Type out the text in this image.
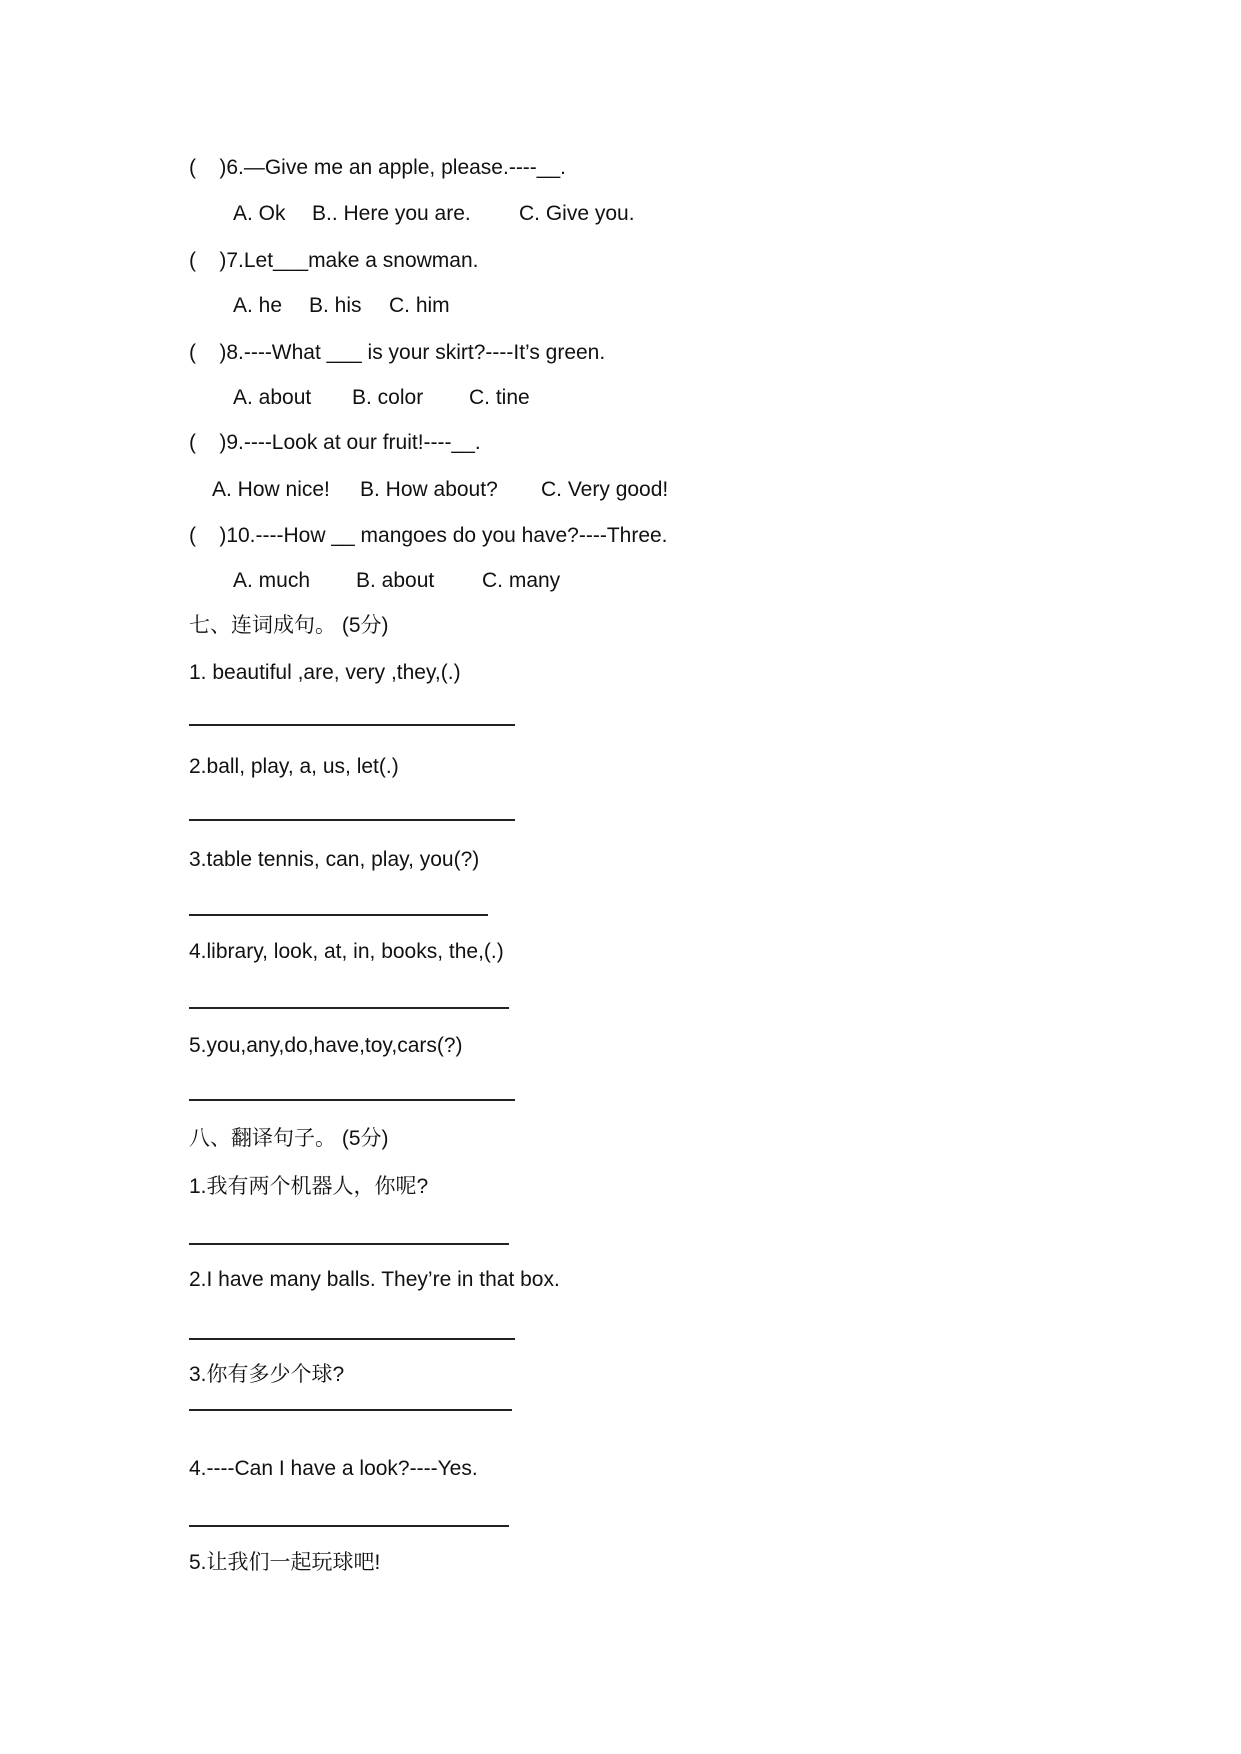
(    )6.—Give me an apple, please.----__.
A. Ok B.. Here you are. C. Give you.
(    )7.Let___make a snowman.
A. he B. his C. him
(    )8.----What ___ is your skirt?----It’s green.
A. about B. color C. tine
(    )9.----Look at our fruit!----__.
A. How nice! B. How about? C. Very good!
(    )10.----How __ mangoes do you have?----Three.
A. much B. about C. many
七、连词成句。 (5分)
1. beautiful ,are, very ,they,(.)
2.ball, play, a, us, let(.)
3.table tennis, can, play, you(?)
4.library, look, at, in, books, the,(.)
5.you,any,do,have,toy,cars(?)
八、翻译句子。 (5分)
1.我有两个机器人，你呢?
2.I have many balls. They’re in that box.
3.你有多少个球?
4.----Can I have a look?----Yes.
5.让我们一起玩球吧!
